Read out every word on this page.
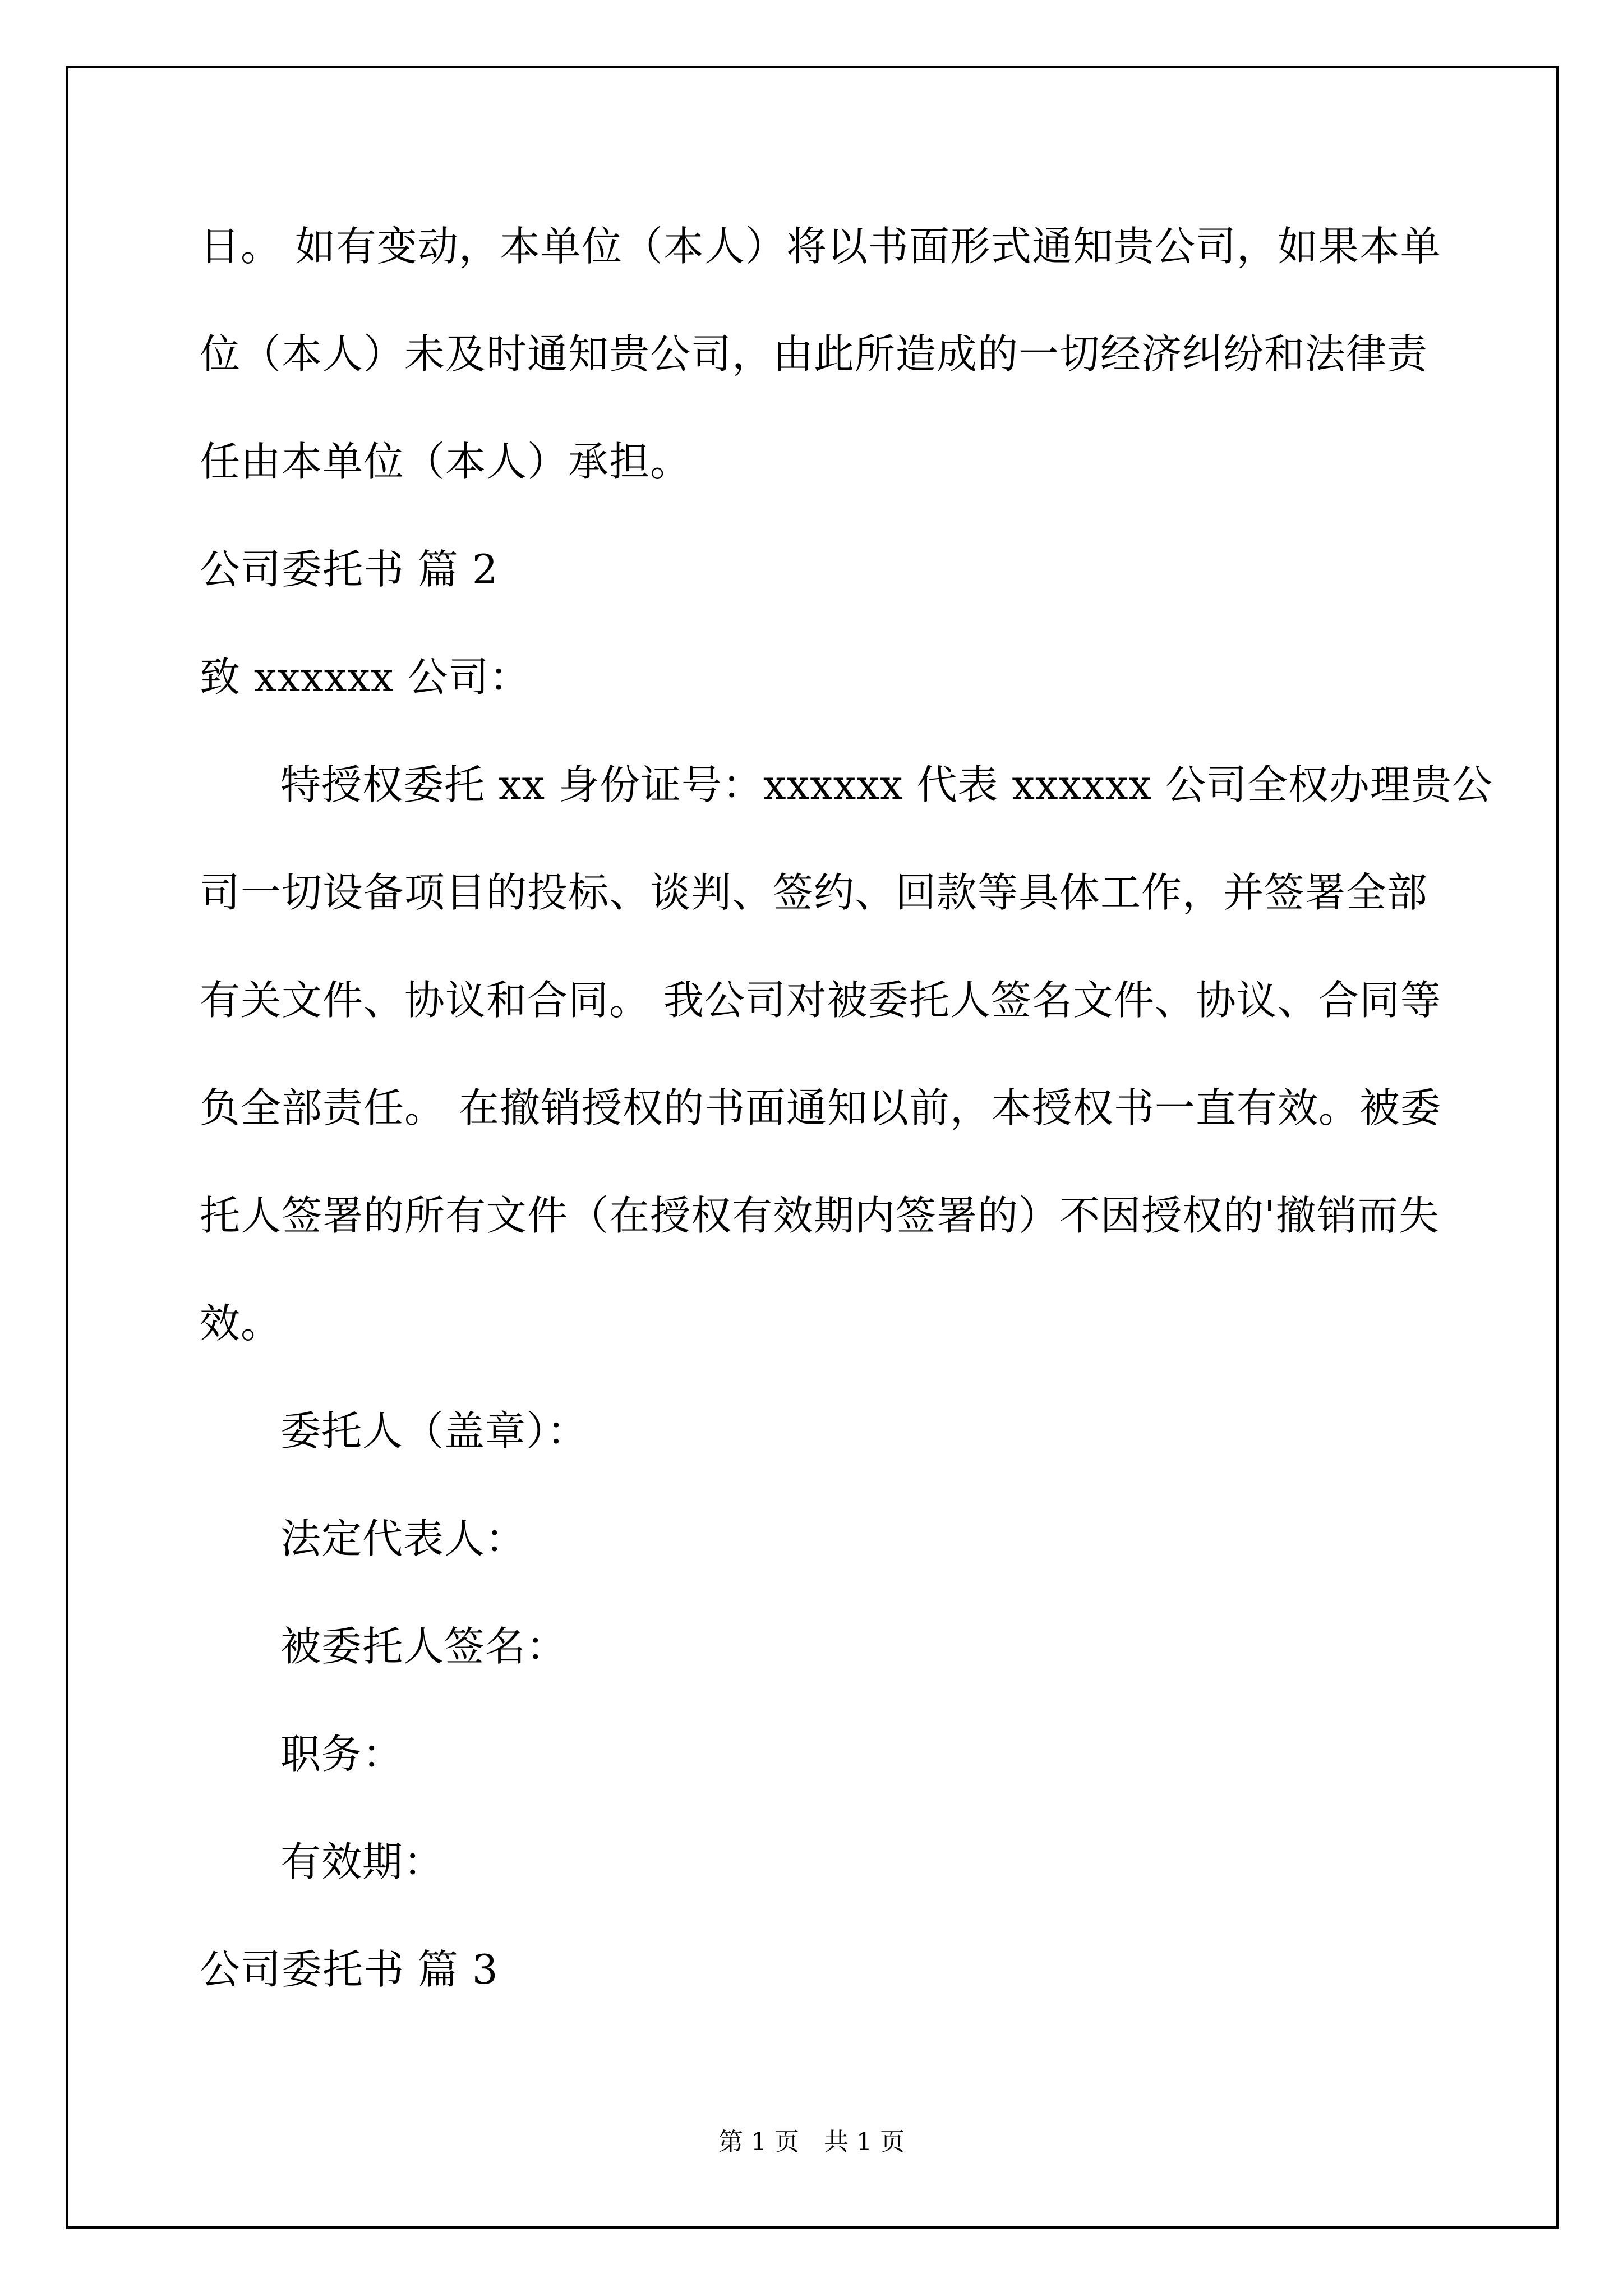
日。 如有变动，本单位（本人）将以书面形式通知贵公司，如果本单
位（本人）未及时通知贵公司，由此所造成的一切经济纠纷和法律责
任由本单位（本人）承担。
公司委托书 篇 2
致 xxxxxx 公司：
特授权委托 xx 身份证号：xxxxxx 代表 xxxxxx 公司全权办理贵公
司一切设备项目的投标、谈判、签约、回款等具体工作，并签署全部
有关文件、协议和合同。 我公司对被委托人签名文件、协议、合同等
负全部责任。 在撤销授权的书面通知以前，本授权书一直有效。被委
托人签署的所有文件（在授权有效期内签署的）不因授权的'撤销而失
效。
委托人（盖章）：
法定代表人：
被委托人签名：
职务：
有效期：
公司委托书 篇 3
第 1 页　共 1 页
